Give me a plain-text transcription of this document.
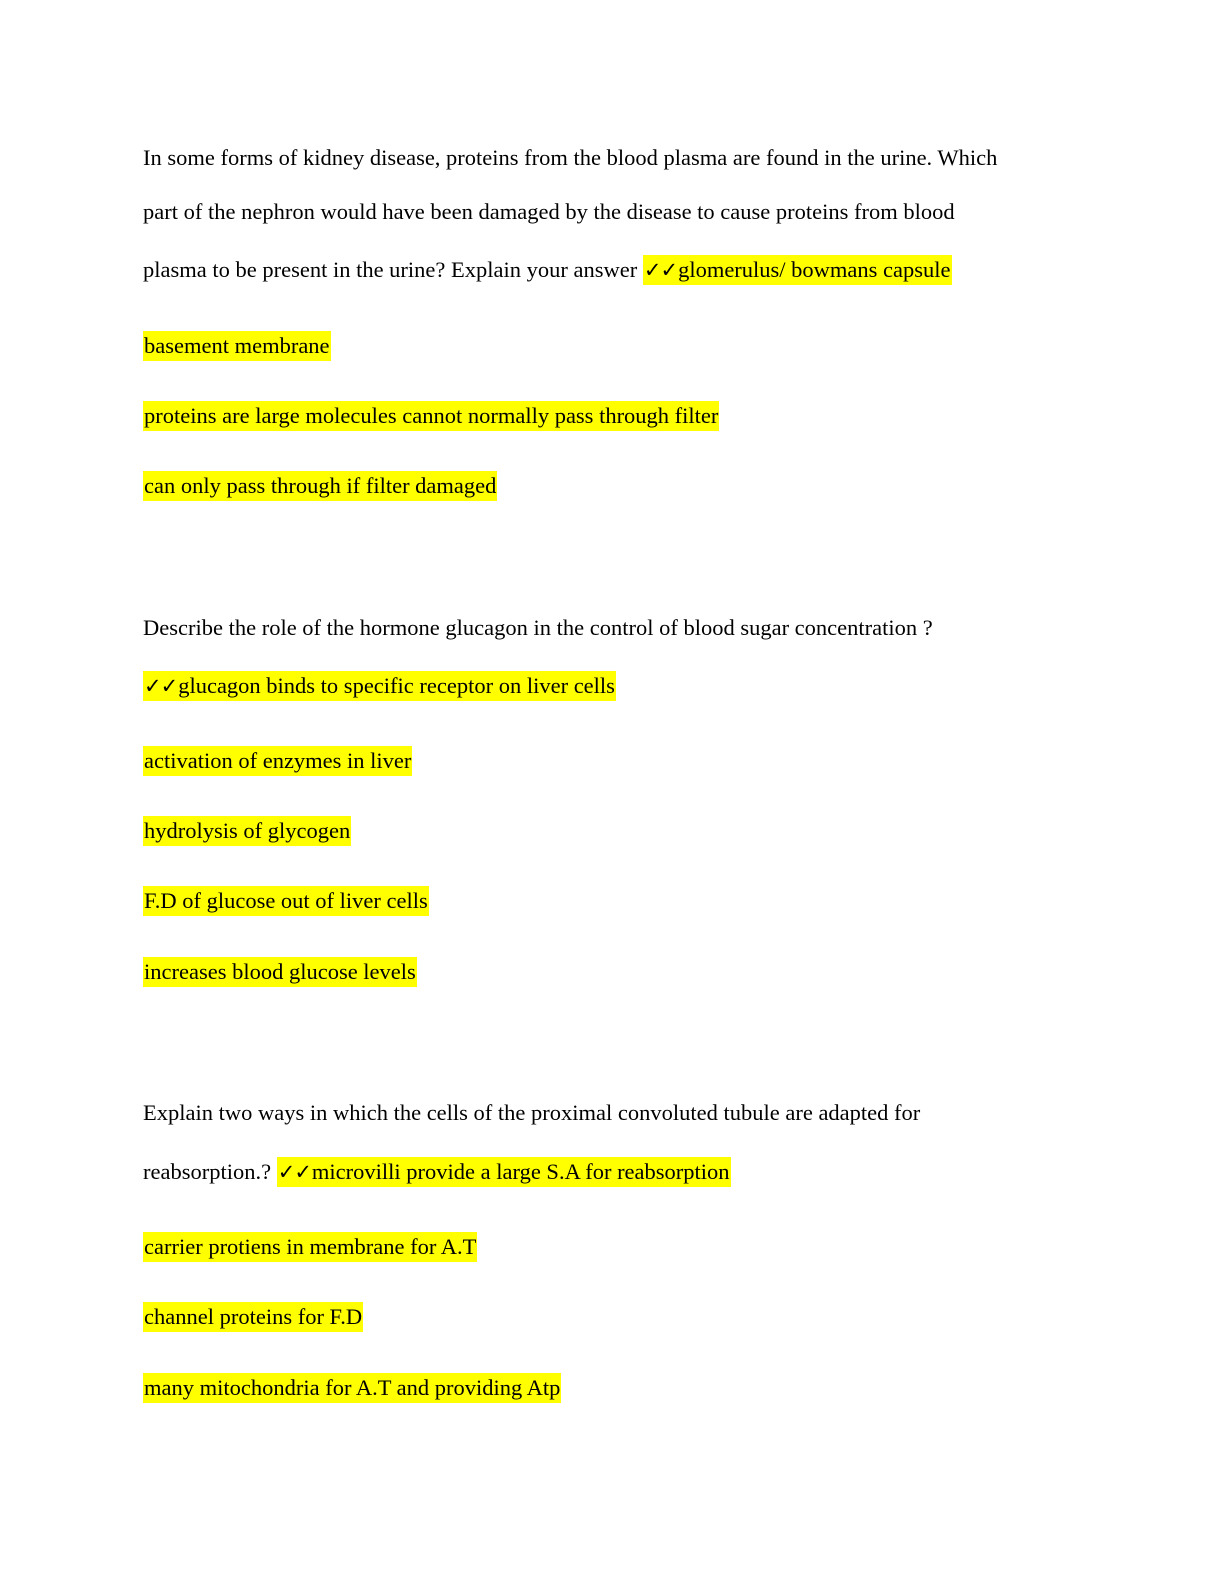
In some forms of kidney disease, proteins from the blood plasma are found in the urine. Which
part of the nephron would have been damaged by the disease to cause proteins from blood
plasma to be present in the urine? Explain your answer ✓✓glomerulus/ bowmans capsule
basement membrane
proteins are large molecules cannot normally pass through filter
can only pass through if filter damaged
Describe the role of the hormone glucagon in the control of blood sugar concentration ?
✓✓glucagon binds to specific receptor on liver cells
activation of enzymes in liver
hydrolysis of glycogen
F.D of glucose out of liver cells
increases blood glucose levels
Explain two ways in which the cells of the proximal convoluted tubule are adapted for
reabsorption.? ✓✓microvilli provide a large S.A for reabsorption
carrier protiens in membrane for A.T
channel proteins for F.D
many mitochondria for A.T and providing Atp
